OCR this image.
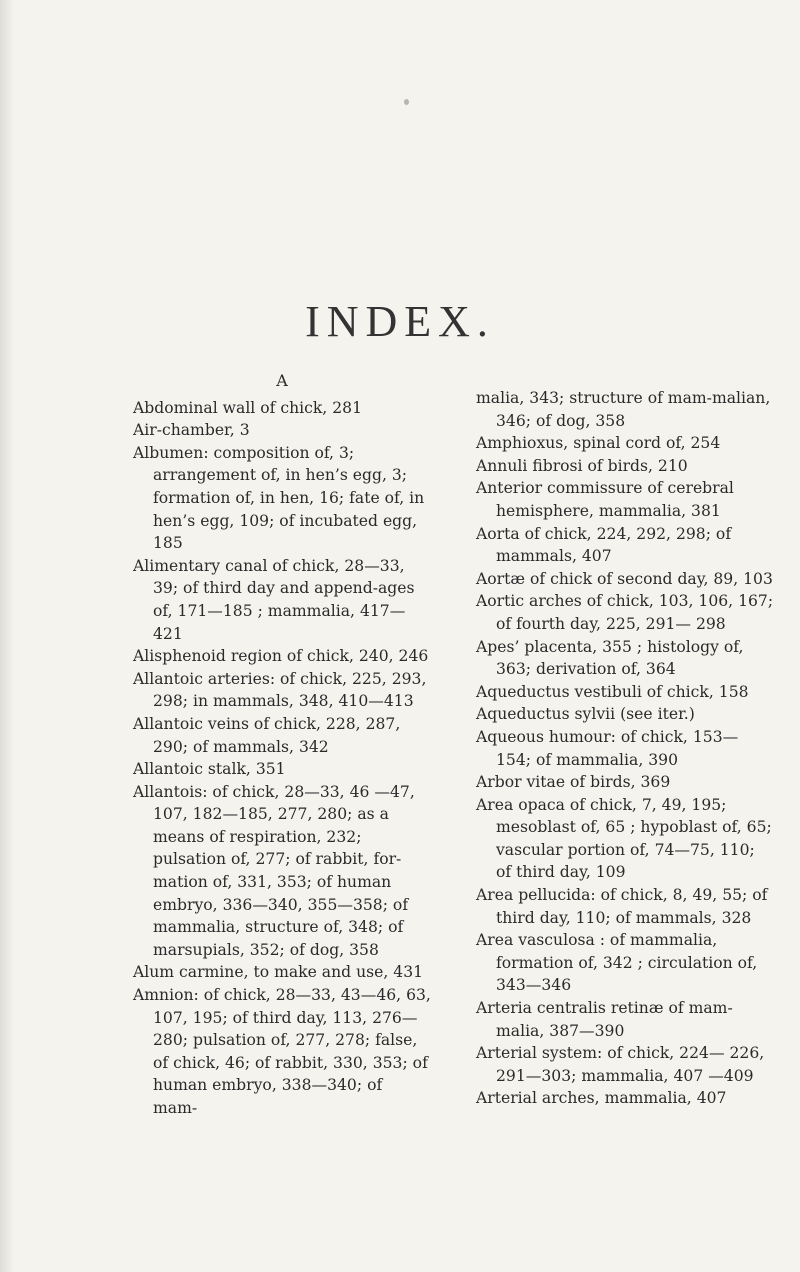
INDEX.
A

Abdominal wall of chick, 281

Air-chamber, 3

Albumen: composition of, 3; arrangement of, in hen’s egg, 3; formation of, in hen, 16; fate of, in hen’s egg, 109; of incubated egg, 185

Alimentary canal of chick, 28—33, 39; of third day and append-ages of, 171—185 ; mammalia, 417—421

Alisphenoid region of chick, 240, 246

Allantoic arteries: of chick, 225, 293, 298; in mammals, 348, 410—413

Allantoic veins of chick, 228, 287, 290; of mammals, 342

Allantoic stalk, 351

Allantois: of chick, 28—33, 46 —47, 107, 182—185, 277, 280; as a means of respiration, 232; pulsation of, 277; of rabbit, for-mation of, 331, 353; of human embryo, 336—340, 355—358; of mammalia, structure of, 348; of marsupials, 352; of dog, 358

Alum carmine, to make and use, 431

Amnion: of chick, 28—33, 43—46, 63, 107, 195; of third day, 113, 276—280; pulsation of, 277, 278; false, of chick, 46; of rabbit, 330, 353; of human embryo, 338—340; of mam-

malia, 343; structure of mam-malian, 346; of dog, 358

Amphioxus, spinal cord of, 254

Annuli fibrosi of birds, 210

Anterior commissure of cerebral hemisphere, mammalia, 381

Aorta of chick, 224, 292, 298; of mammals, 407

Aortæ of chick of second day, 89, 103

Aortic arches of chick, 103, 106, 167; of fourth day, 225, 291— 298

Apes’ placenta, 355 ; histology of, 363; derivation of, 364

Aqueductus vestibuli of chick, 158

Aqueductus sylvii (see iter.)

Aqueous humour: of chick, 153— 154; of mammalia, 390

Arbor vitae of birds, 369

Area opaca of chick, 7, 49, 195; mesoblast of, 65 ; hypoblast of, 65; vascular portion of, 74—75, 110; of third day, 109

Area pellucida: of chick, 8, 49, 55; of third day, 110; of mammals, 328

Area vasculosa : of mammalia, formation of, 342 ; circulation of, 343—346

Arteria centralis retinæ of mam-malia, 387—390

Arterial system: of chick, 224— 226, 291—303; mammalia, 407 —409

Arterial arches, mammalia, 407
